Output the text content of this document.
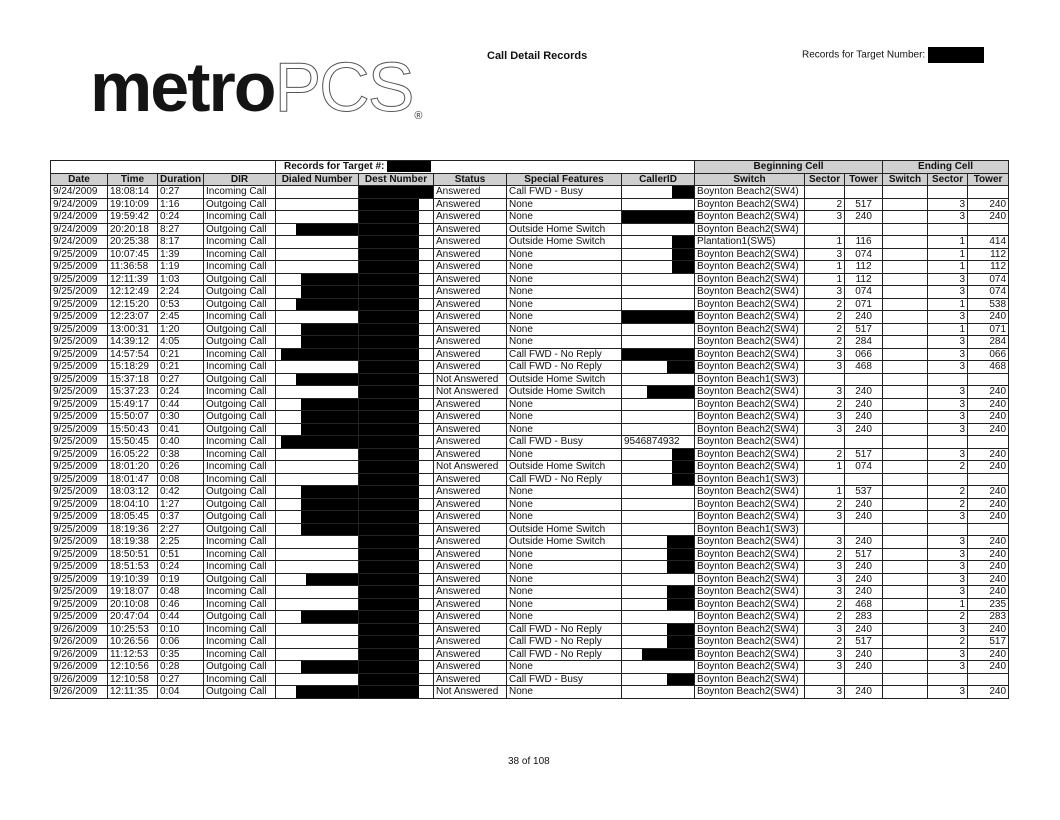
metroPCS ®
Call Detail Records	Records for Target Number:
				Records for Target #:					Beginning Cell			Ending Cell		
Date	Time	Duration	DIR	Dialed Number	Dest Number	Status	Special Features	CallerID	Switch	Sector	Tower	Switch	Sector	Tower
9/24/2009	18:08:14	0:27	Incoming Call			Answered	Call FWD - Busy		Boynton Beach2(SW4)					
9/24/2009	19:10:09	1:16	Outgoing Call			Answered	None		Boynton Beach2(SW4)	2	517		3	240
9/24/2009	19:59:42	0:24	Incoming Call			Answered	None		Boynton Beach2(SW4)	3	240		3	240
9/24/2009	20:20:18	8:27	Outgoing Call			Answered	Outside Home Switch		Boynton Beach2(SW4)					
9/24/2009	20:25:38	8:17	Incoming Call			Answered	Outside Home Switch		Plantation1(SW5)	1	116		1	414
9/25/2009	10:07:45	1:39	Incoming Call			Answered	None		Boynton Beach2(SW4)	3	074		1	112
9/25/2009	11:36:58	1:19	Incoming Call			Answered	None		Boynton Beach2(SW4)	1	112		1	112
9/25/2009	12:11:39	1:03	Outgoing Call			Answered	None		Boynton Beach2(SW4)	1	112		3	074
9/25/2009	12:12:49	2:24	Outgoing Call			Answered	None		Boynton Beach2(SW4)	3	074		3	074
9/25/2009	12:15:20	0:53	Outgoing Call			Answered	None		Boynton Beach2(SW4)	2	071		1	538
9/25/2009	12:23:07	2:45	Incoming Call			Answered	None		Boynton Beach2(SW4)	2	240		3	240
9/25/2009	13:00:31	1:20	Outgoing Call			Answered	None		Boynton Beach2(SW4)	2	517		1	071
9/25/2009	14:39:12	4:05	Outgoing Call			Answered	None		Boynton Beach2(SW4)	2	284		3	284
9/25/2009	14:57:54	0:21	Incoming Call			Answered	Call FWD - No Reply		Boynton Beach2(SW4)	3	066		3	066
9/25/2009	15:18:29	0:21	Incoming Call			Answered	Call FWD - No Reply		Boynton Beach2(SW4)	3	468		3	468
9/25/2009	15:37:18	0:27	Outgoing Call			Not Answered	Outside Home Switch		Boynton Beach1(SW3)					
9/25/2009	15:37:23	0:24	Incoming Call			Not Answered	Outside Home Switch		Boynton Beach2(SW4)	3	240		3	240
9/25/2009	15:49:17	0:44	Outgoing Call			Answered	None		Boynton Beach2(SW4)	2	240		3	240
9/25/2009	15:50:07	0:30	Outgoing Call			Answered	None		Boynton Beach2(SW4)	3	240		3	240
9/25/2009	15:50:43	0:41	Outgoing Call			Answered	None		Boynton Beach2(SW4)	3	240		3	240
9/25/2009	15:50:45	0:40	Incoming Call			Answered	Call FWD - Busy	9546874932	Boynton Beach2(SW4)					
9/25/2009	16:05:22	0:38	Incoming Call			Answered	None		Boynton Beach2(SW4)	2	517		3	240
9/25/2009	18:01:20	0:26	Incoming Call			Not Answered	Outside Home Switch		Boynton Beach2(SW4)	1	074		2	240
9/25/2009	18:01:47	0:08	Incoming Call			Answered	Call FWD - No Reply		Boynton Beach1(SW3)					
9/25/2009	18:03:12	0:42	Outgoing Call			Answered	None		Boynton Beach2(SW4)	1	537		2	240
9/25/2009	18:04:10	1:27	Outgoing Call			Answered	None		Boynton Beach2(SW4)	2	240		2	240
9/25/2009	18:05:45	0:37	Outgoing Call			Answered	None		Boynton Beach2(SW4)	3	240		3	240
9/25/2009	18:19:36	2:27	Outgoing Call			Answered	Outside Home Switch		Boynton Beach1(SW3)					
9/25/2009	18:19:38	2:25	Incoming Call			Answered	Outside Home Switch		Boynton Beach2(SW4)	3	240		3	240
9/25/2009	18:50:51	0:51	Incoming Call			Answered	None		Boynton Beach2(SW4)	2	517		3	240
9/25/2009	18:51:53	0:24	Incoming Call			Answered	None		Boynton Beach2(SW4)	3	240		3	240
9/25/2009	19:10:39	0:19	Outgoing Call			Answered	None		Boynton Beach2(SW4)	3	240		3	240
9/25/2009	19:18:07	0:48	Incoming Call			Answered	None		Boynton Beach2(SW4)	3	240		3	240
9/25/2009	20:10:08	0:46	Incoming Call			Answered	None		Boynton Beach2(SW4)	2	468		1	235
9/25/2009	20:47:04	0:44	Outgoing Call			Answered	None		Boynton Beach2(SW4)	2	283		2	283
9/26/2009	10:25:53	0:10	Incoming Call			Answered	Call FWD - No Reply		Boynton Beach2(SW4)	3	240		3	240
9/26/2009	10:26:56	0:06	Incoming Call			Answered	Call FWD - No Reply		Boynton Beach2(SW4)	2	517		2	517
9/26/2009	11:12:53	0:35	Incoming Call			Answered	Call FWD - No Reply		Boynton Beach2(SW4)	3	240		3	240
9/26/2009	12:10:56	0:28	Outgoing Call			Answered	None		Boynton Beach2(SW4)	3	240		3	240
9/26/2009	12:10:58	0:27	Incoming Call			Answered	Call FWD - Busy		Boynton Beach2(SW4)					
9/26/2009	12:11:35	0:04	Outgoing Call			Not Answered	None		Boynton Beach2(SW4)	3	240		3	240
38 of 108
